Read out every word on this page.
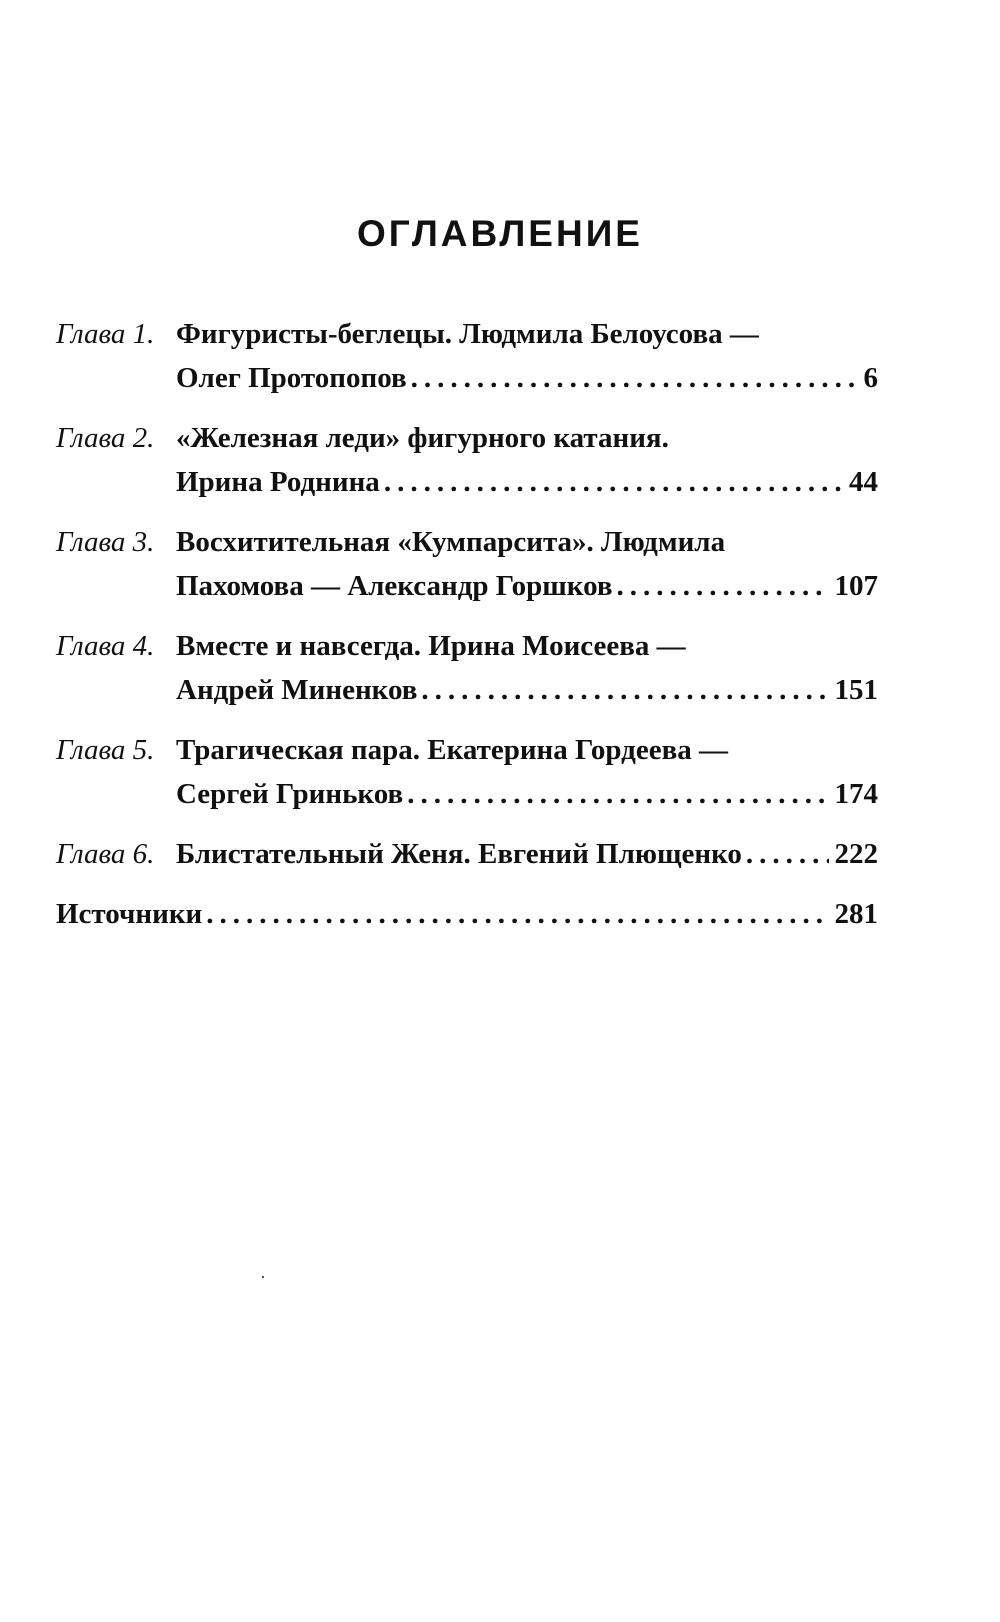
ОГЛАВЛЕНИЕ
Глава 1. Фигуристы-беглецы. Людмила Белоусова —
Олег Протопопов .....	6
Глава 2. «Железная леди» фигурного катания.
Ирина Роднина .....	44
Глава 3. Восхитительная «Кумпарсита». Людмила
Пахомова — Александр Горшков .....	107
Глава 4. Вместе и навсегда. Ирина Моисеева —
Андрей Миненков .....	151
Глава 5. Трагическая пара. Екатерина Гордеева —
Сергей Гриньков .....	174
Глава 6. Блистательный Женя. Евгений Плющенко .....	222
Источники .....	281
